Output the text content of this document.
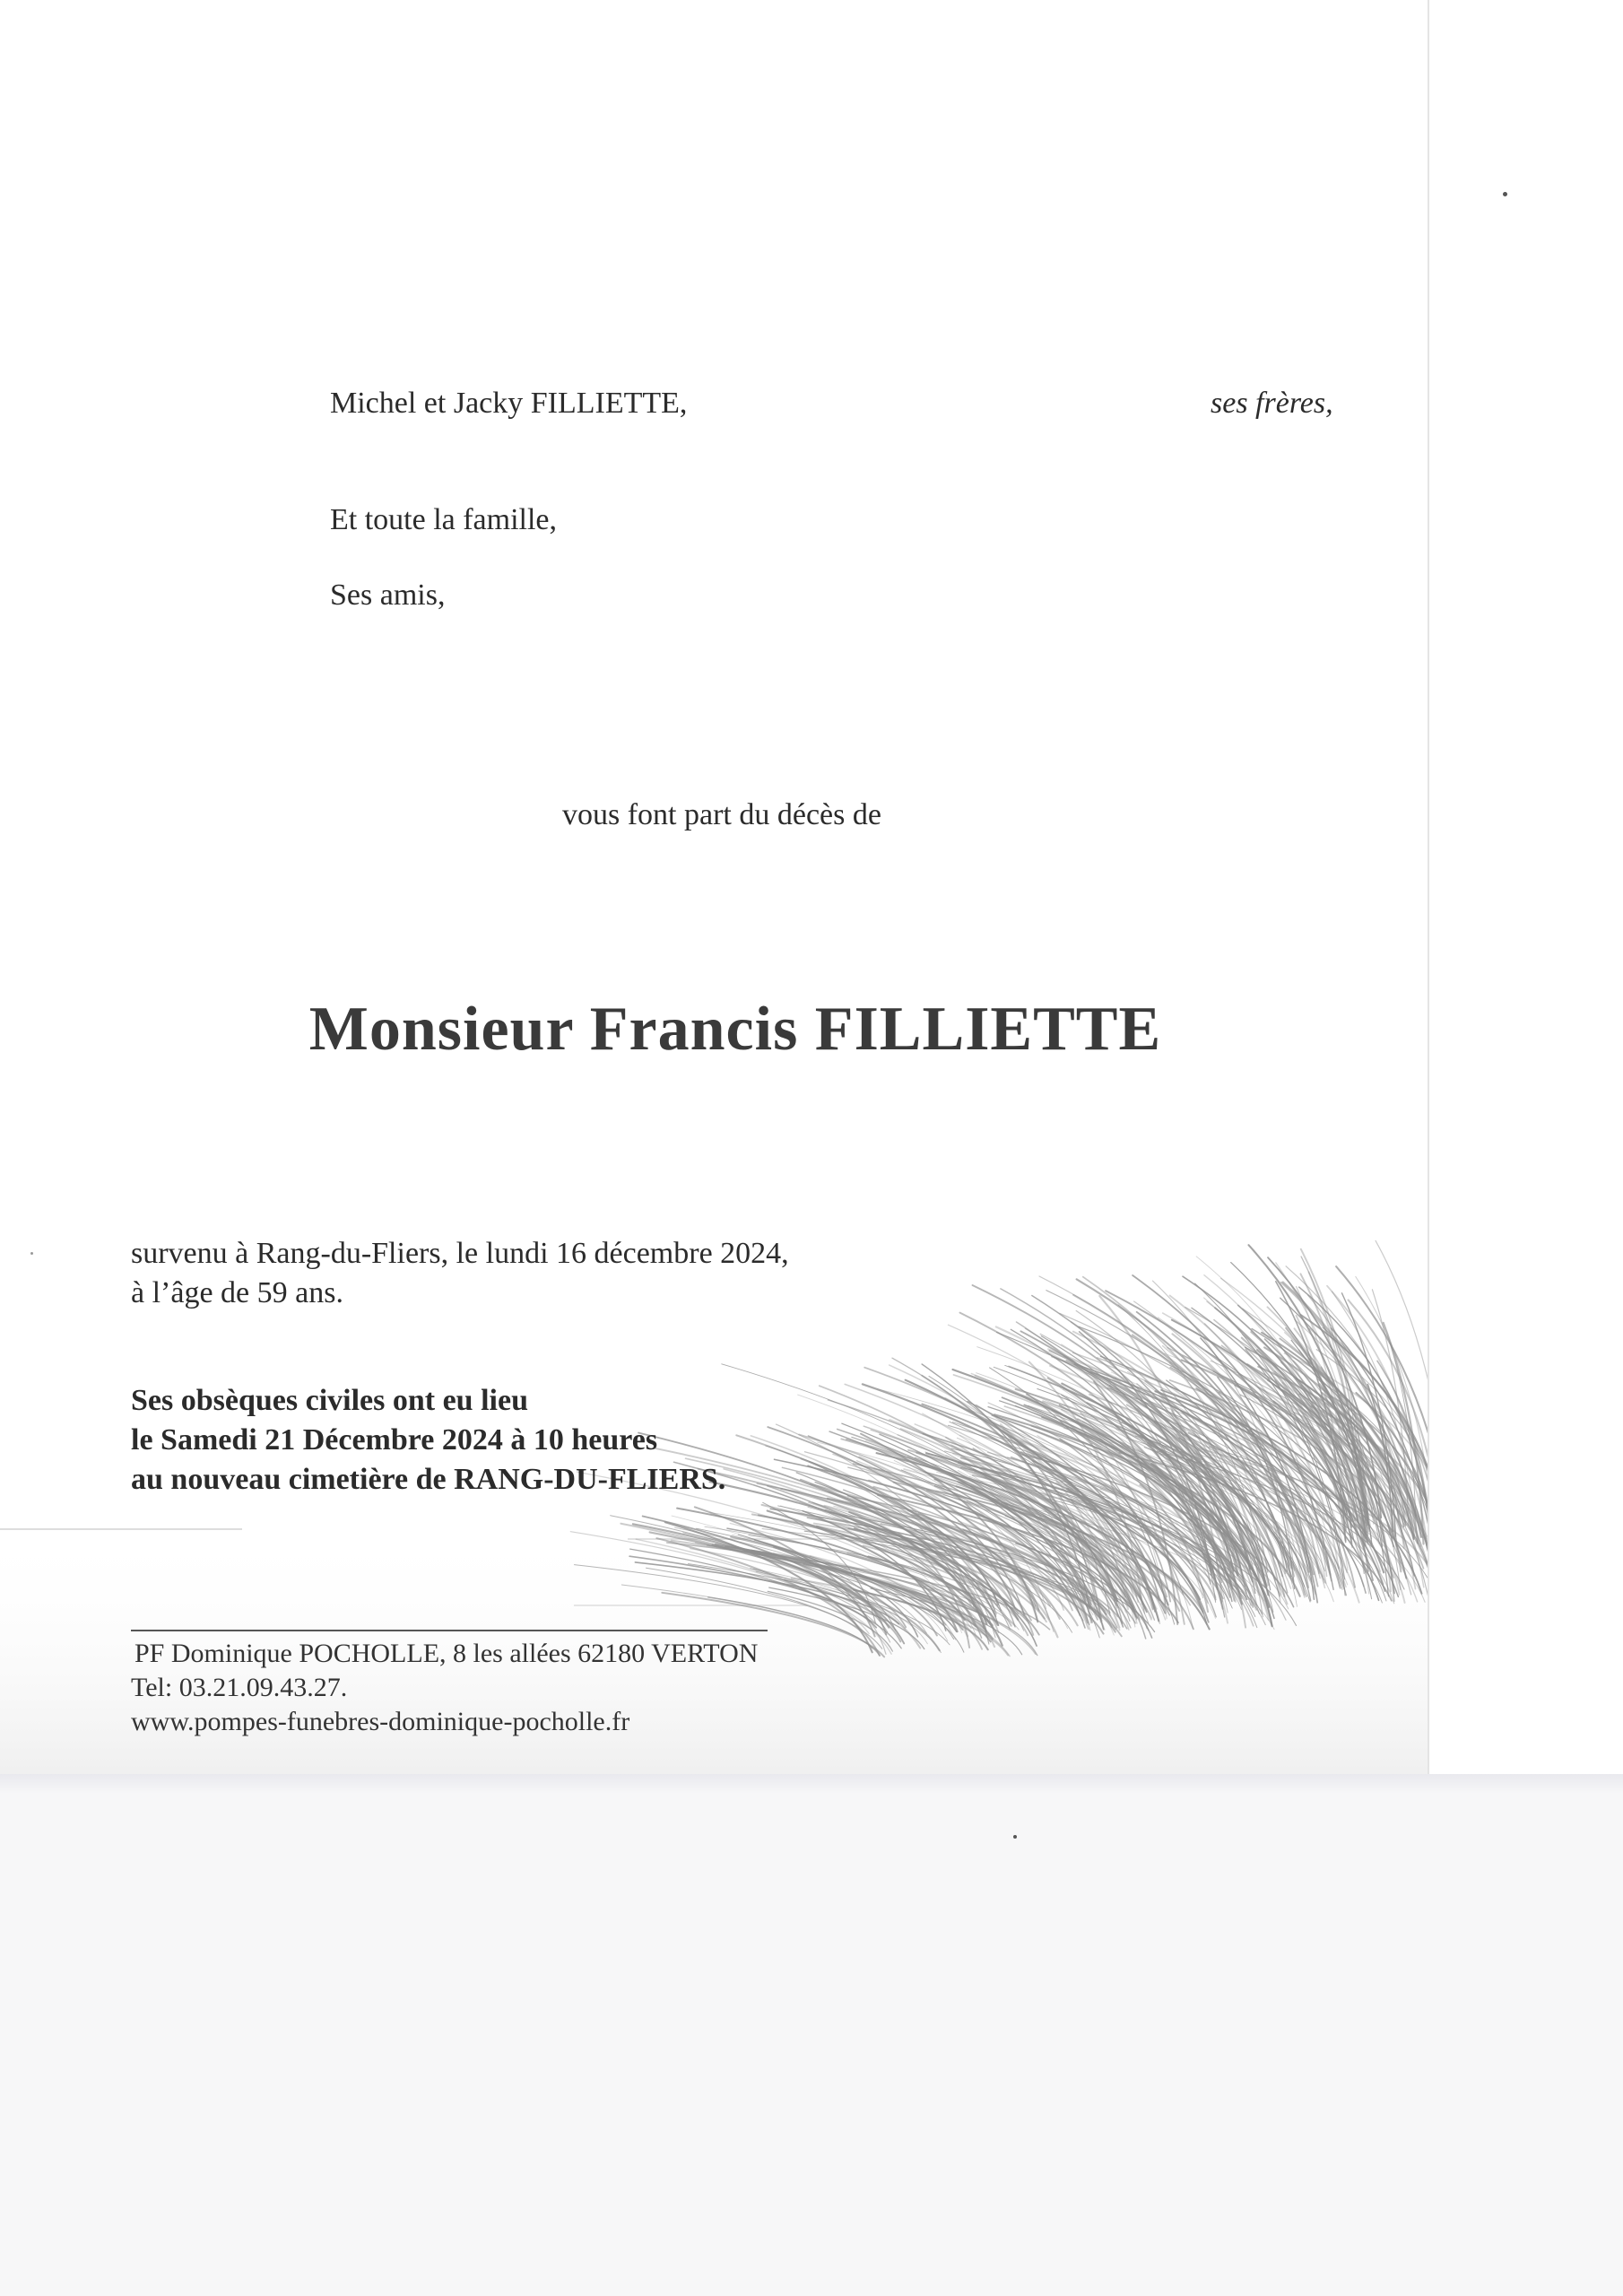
Michel et Jacky FILLIETTE,	ses frères,
Et toute la famille,
Ses amis,
vous font part du décès de
Monsieur Francis FILLIETTE
survenu à Rang-du-Fliers, le lundi 16 décembre 2024,
à l’âge de 59 ans.
Ses obsèques civiles ont eu lieu
le Samedi 21 Décembre 2024 à 10 heures
au nouveau cimetière de RANG-DU-FLIERS.
PF Dominique POCHOLLE, 8 les allées 62180 VERTON
Tel: 03.21.09.43.27.
www.pompes-funebres-dominique-pocholle.fr
